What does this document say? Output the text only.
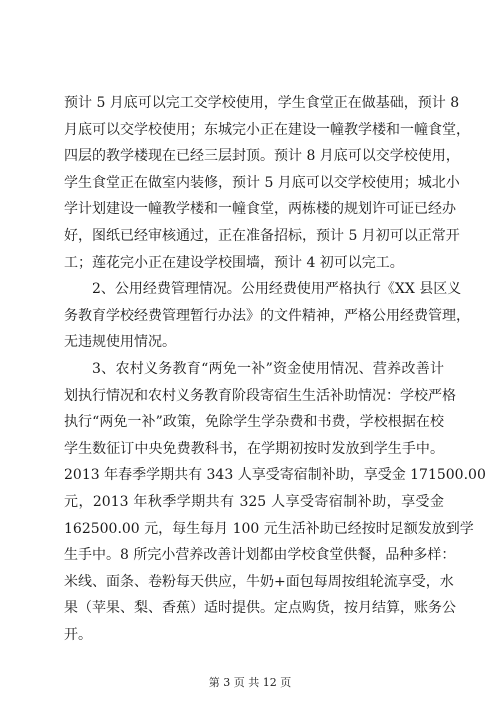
预计 5 月底可以完工交学校使用，学生食堂正在做基础，预计 8
月底可以交学校使用；东城完小正在建设一幢教学楼和一幢食堂，
四层的教学楼现在已经三层封顶。预计 8 月底可以交学校使用，
学生食堂正在做室内装修，预计 5 月底可以交学校使用；城北小
学计划建设一幢教学楼和一幢食堂，两栋楼的规划许可证已经办
好，图纸已经审核通过，正在准备招标，预计 5 月初可以正常开
工；莲花完小正在建设学校围墙，预计 4 初可以完工。
2、公用经费管理情况。公用经费使用严格执行《XX 县区义
务教育学校经费管理暂行办法》的文件精神，严格公用经费管理，
无违规使用情况。
3、农村义务教育“两免一补”资金使用情况、营养改善计
划执行情况和农村义务教育阶段寄宿生生活补助情况：学校严格
执行“两免一补”政策，免除学生学杂费和书费，学校根据在校
学生数征订中央免费教科书，在学期初按时发放到学生手中。
2013 年春季学期共有 343 人享受寄宿制补助，享受金 171500.00
元，2013 年秋季学期共有 325 人享受寄宿制补助，享受金
162500.00 元，每生每月 100 元生活补助已经按时足额发放到学
生手中。8 所完小营养改善计划都由学校食堂供餐，品种多样：
米线、面条、卷粉每天供应，牛奶+面包每周按组轮流享受，水
果（苹果、梨、香蕉）适时提供。定点购货，按月结算，账务公
开。
第 3 页 共 12 页
